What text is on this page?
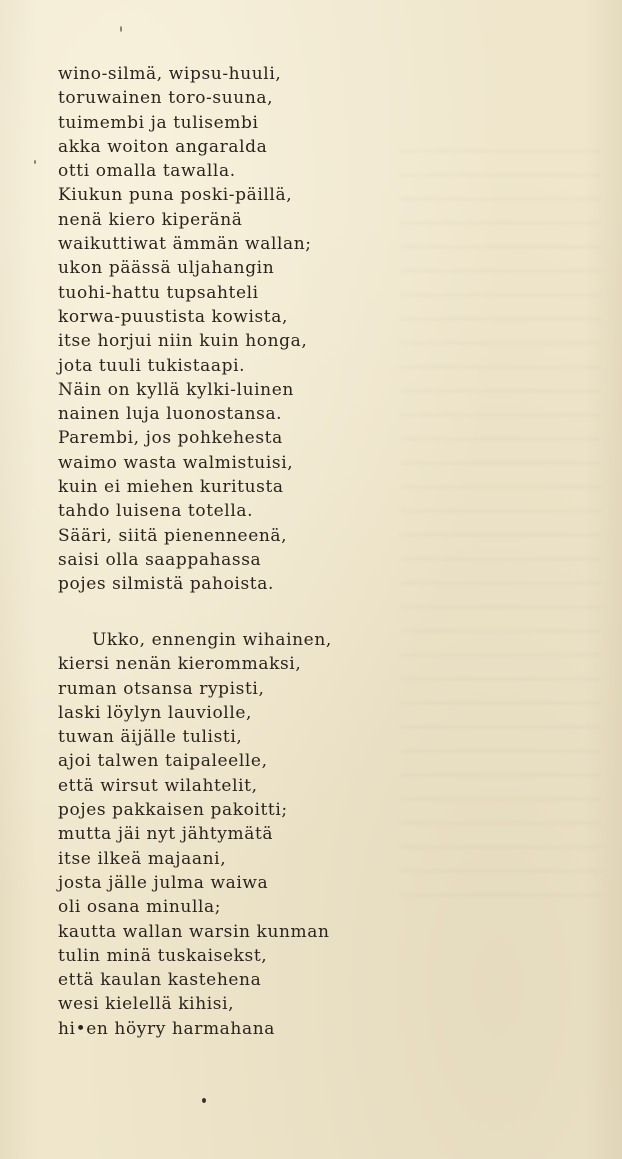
wino-silmä, wipsu-huuli,
toruwainen toro-suuna,
tuimembi ja tulisembi
akka woiton angaralda
otti omalla tawalla.
Kiukun puna poski-päillä,
nenä kiero kiperänä
waikuttiwat ämmän wallan;
ukon päässä uljahangin
tuohi-hattu tupsahteli
korwa-puustista kowista,
itse horjui niin kuin honga,
jota tuuli tukistaapi.
Näin on kyllä kylki-luinen
nainen luja luonostansa.
Parembi, jos pohkehesta
waimo wasta walmistuisi,
kuin ei miehen kuritusta
tahdo luisena totella.
Sääri, siitä pienenneenä,
saisi olla saappahassa
pojes silmistä pahoista.
Ukko, ennengin wihainen,
kiersi nenän kierommaksi,
ruman otsansa rypisti,
laski löylyn lauviolle,
tuwan äijälle tulisti,
ajoi talwen taipaleelle,
että wirsut wilahtelit,
pojes pakkaisen pakoitti;
mutta jäi nyt jähtymätä
itse ilkeä majaani,
josta jälle julma waiwa
oli osana minulla;
kautta wallan warsin kunman
tulin minä tuskaisekst,
että kaulan kastehena
wesi kielellä kihisi,
hi•en höyry harmahana
